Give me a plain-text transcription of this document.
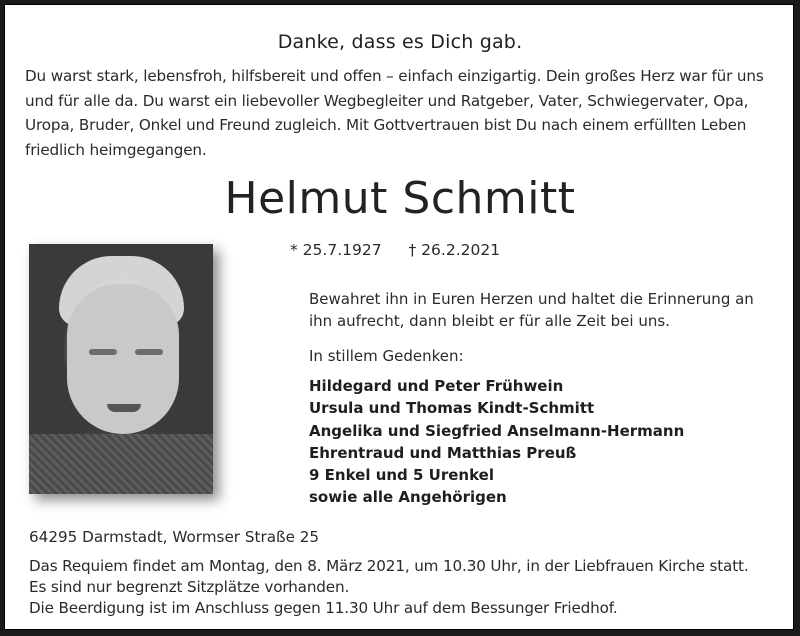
Danke, dass es Dich gab.
Du warst stark, lebensfroh, hilfsbereit und offen – einfach einzigartig. Dein großes Herz war für uns und für alle da. Du warst ein liebevoller Wegbegleiter und Ratgeber, Vater, Schwiegervater, Opa, Uropa, Bruder, Onkel und Freund zugleich. Mit Gottvertrauen bist Du nach einem erfüllten Leben friedlich heimgegangen.
Helmut Schmitt
* 25.7.1927 † 26.2.2021
Bewahret ihn in Euren Herzen und haltet die Erinnerung an ihn aufrecht, dann bleibt er für alle Zeit bei uns.
In stillem Gedenken:
Hildegard und Peter Frühwein
Ursula und Thomas Kindt-Schmitt
Angelika und Siegfried Anselmann-Hermann
Ehrentraud und Matthias Preuß
9 Enkel und 5 Urenkel
sowie alle Angehörigen
64295 Darmstadt, Wormser Straße 25
Das Requiem findet am Montag, den 8. März 2021, um 10.30 Uhr, in der Liebfrauen Kirche statt.
Es sind nur begrenzt Sitzplätze vorhanden.
Die Beerdigung ist im Anschluss gegen 11.30 Uhr auf dem Bessunger Friedhof.
